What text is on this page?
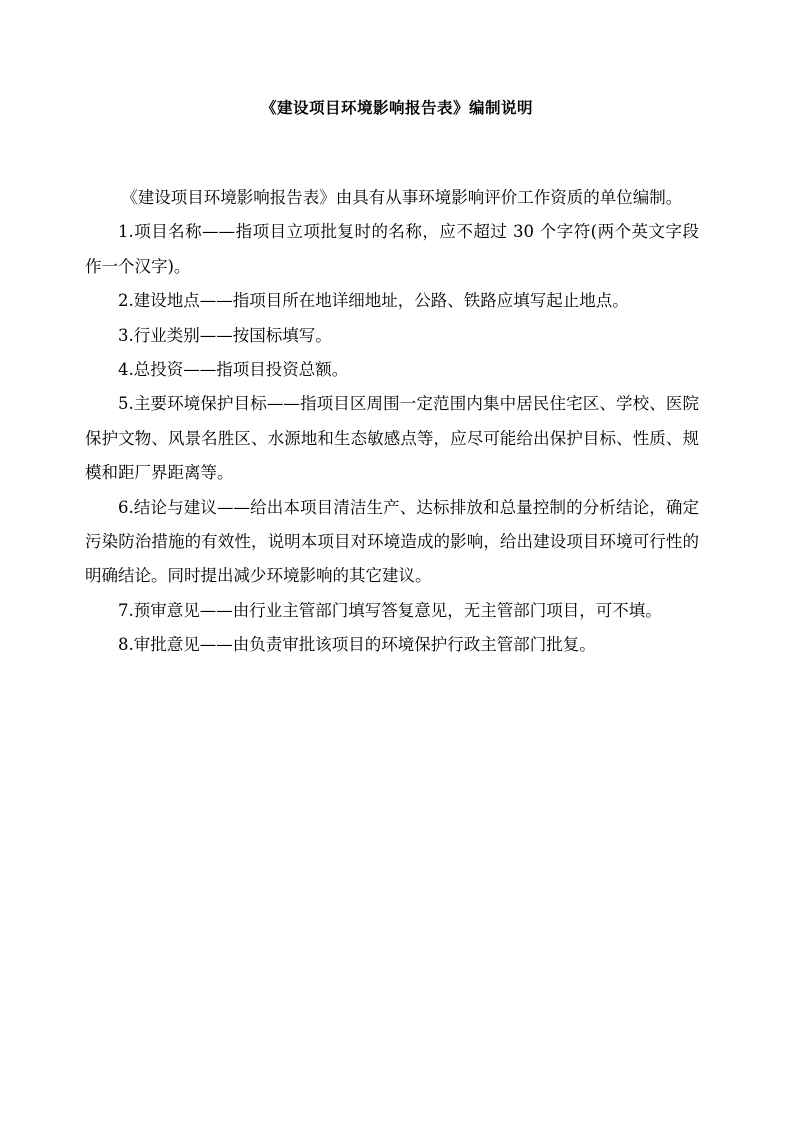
《建设项目环境影响报告表》编制说明

《建设项目环境影响报告表》由具有从事环境影响评价工作资质的单位编制。

1.项目名称——指项目立项批复时的名称，应不超过 30 个字符(两个英文字段作一个汉字)。

2.建设地点——指项目所在地详细地址，公路、铁路应填写起止地点。

3.行业类别——按国标填写。

4.总投资——指项目投资总额。

5.主要环境保护目标——指项目区周围一定范围内集中居民住宅区、学校、医院保护文物、风景名胜区、水源地和生态敏感点等，应尽可能给出保护目标、性质、规模和距厂界距离等。

6.结论与建议——给出本项目清洁生产、达标排放和总量控制的分析结论，确定污染防治措施的有效性，说明本项目对环境造成的影响，给出建设项目环境可行性的明确结论。同时提出减少环境影响的其它建议。

7.预审意见——由行业主管部门填写答复意见，无主管部门项目，可不填。

8.审批意见——由负责审批该项目的环境保护行政主管部门批复。
